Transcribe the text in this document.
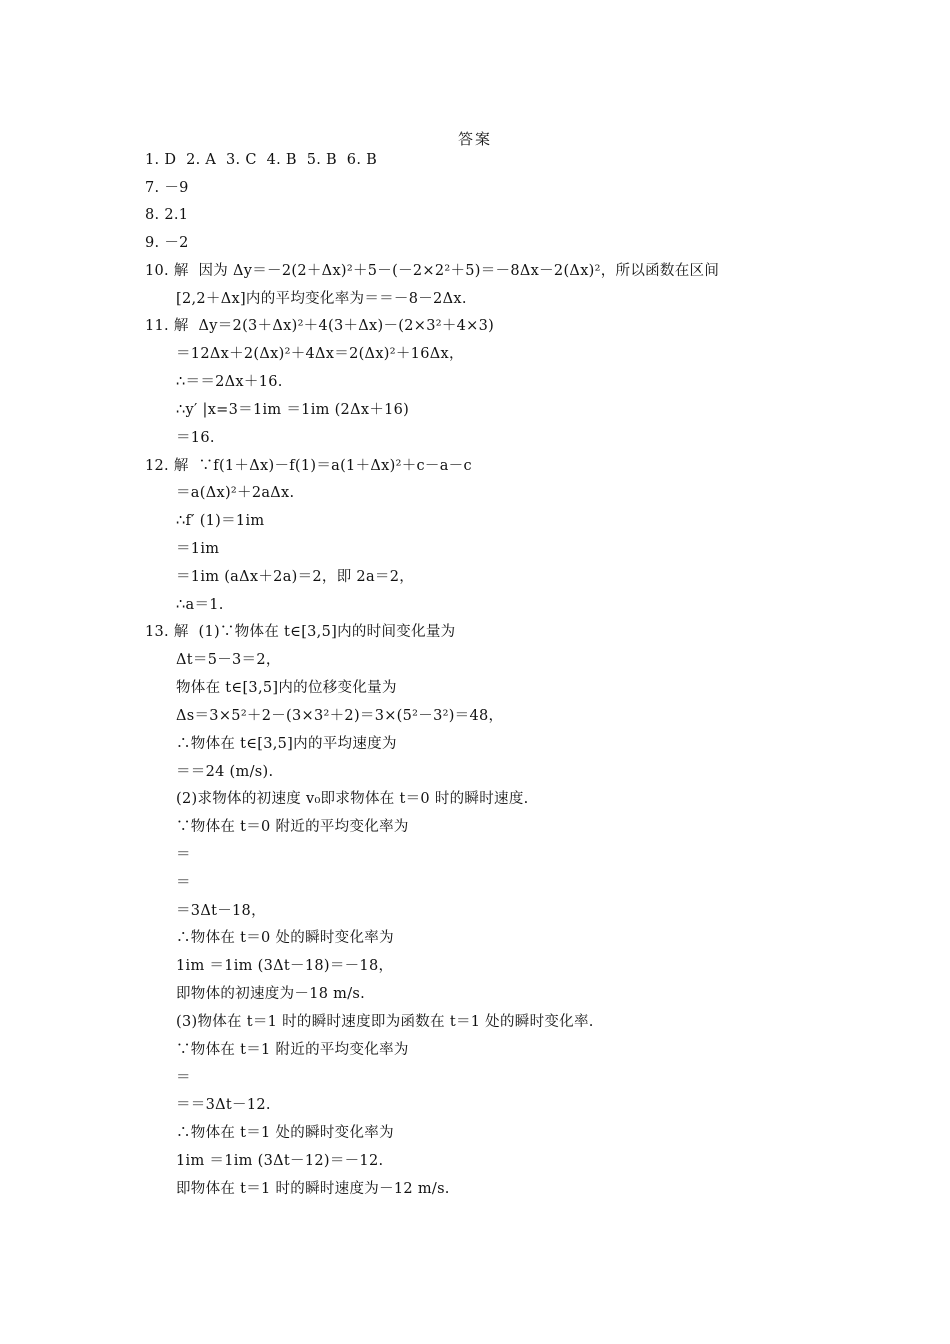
答案
1. D  2. A  3. C  4. B  5. B  6. B
7. －9
8. 2.1
9. －2
10. 解  因为 Δy＝－2(2＋Δx)²＋5－(－2×2²＋5)＝－8Δx－2(Δx)²，所以函数在区间
[2,2＋Δx]内的平均变化率为＝＝－8－2Δx.
11. 解  Δy＝2(3＋Δx)²＋4(3＋Δx)－(2×3²＋4×3)
＝12Δx＋2(Δx)²＋4Δx＝2(Δx)²＋16Δx，
∴＝＝2Δx＋16.
∴y′ |x=3＝1im ＝1im (2Δx＋16)
＝16.
12. 解  ∵f(1＋Δx)－f(1)＝a(1＋Δx)²＋c－a－c
＝a(Δx)²＋2aΔx.
∴f′ (1)＝1im
＝1im
＝1im (aΔx＋2a)＝2，即 2a＝2，
∴a＝1.
13. 解  (1)∵物体在 t∈[3,5]内的时间变化量为
Δt＝5－3＝2，
物体在 t∈[3,5]内的位移变化量为
Δs＝3×5²＋2－(3×3²＋2)＝3×(5²－3²)＝48，
∴物体在 t∈[3,5]内的平均速度为
＝＝24 (m/s).
(2)求物体的初速度 v₀即求物体在 t＝0 时的瞬时速度.
∵物体在 t＝0 附近的平均变化率为
＝
＝
＝3Δt－18，
∴物体在 t＝0 处的瞬时变化率为
1im ＝1im (3Δt－18)＝－18，
即物体的初速度为－18 m/s.
(3)物体在 t＝1 时的瞬时速度即为函数在 t＝1 处的瞬时变化率.
∵物体在 t＝1 附近的平均变化率为
＝
＝＝3Δt－12.
∴物体在 t＝1 处的瞬时变化率为
1im ＝1im (3Δt－12)＝－12.
即物体在 t＝1 时的瞬时速度为－12 m/s.
